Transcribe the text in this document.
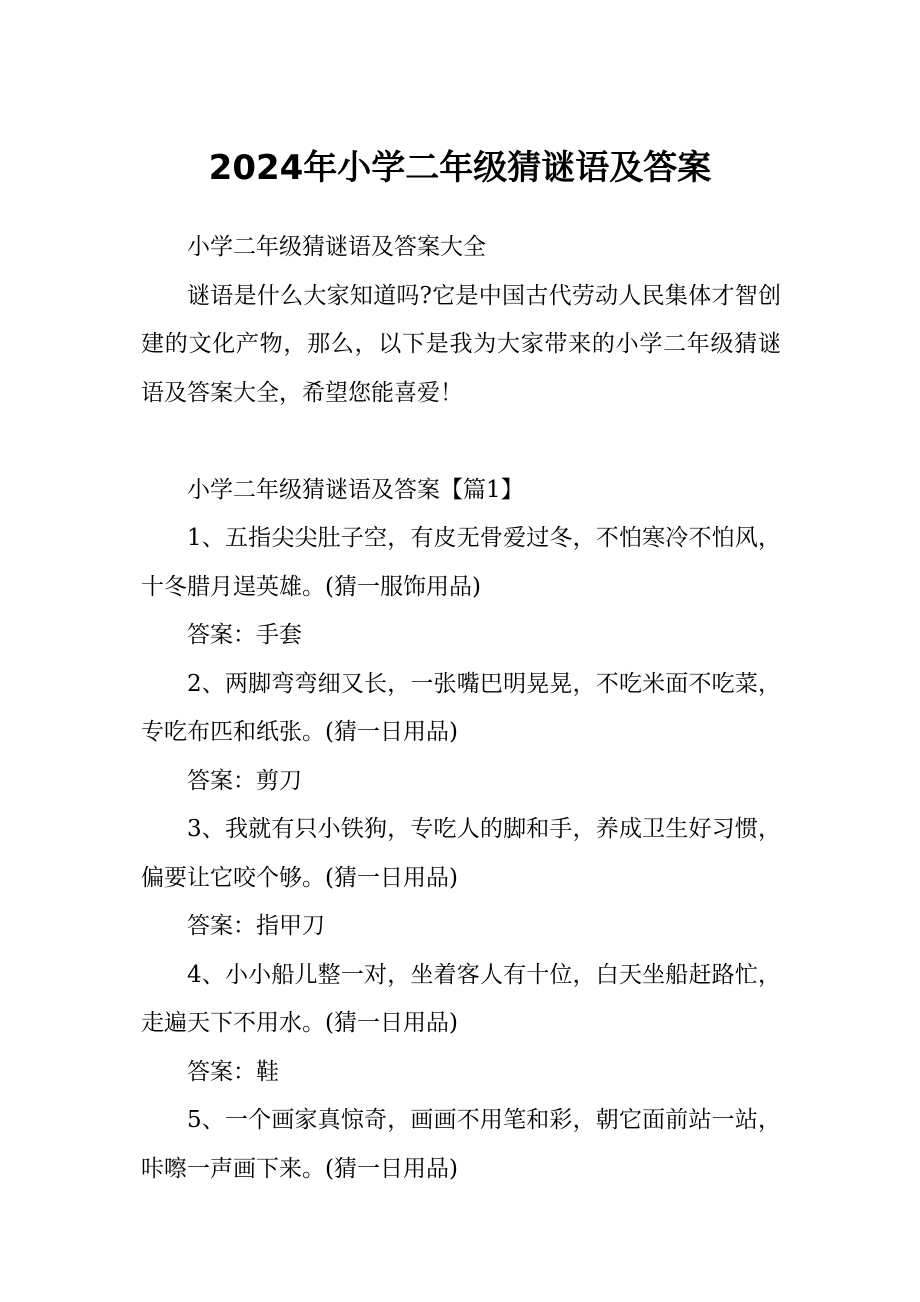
2024年小学二年级猜谜语及答案

小学二年级猜谜语及答案大全

谜语是什么大家知道吗?它是中国古代劳动人民集体才智创建的文化产物，那么，以下是我为大家带来的小学二年级猜谜语及答案大全，希望您能喜爱！

小学二年级猜谜语及答案【篇1】

1、五指尖尖肚子空，有皮无骨爱过冬，不怕寒冷不怕风，十冬腊月逞英雄。(猜一服饰用品)

答案：手套

2、两脚弯弯细又长，一张嘴巴明晃晃，不吃米面不吃菜，专吃布匹和纸张。(猜一日用品)

答案：剪刀

3、我就有只小铁狗，专吃人的脚和手，养成卫生好习惯，偏要让它咬个够。(猜一日用品)

答案：指甲刀

4、小小船儿整一对，坐着客人有十位，白天坐船赶路忙，走遍天下不用水。(猜一日用品)

答案：鞋

5、一个画家真惊奇，画画不用笔和彩，朝它面前站一站，咔嚓一声画下来。(猜一日用品)
